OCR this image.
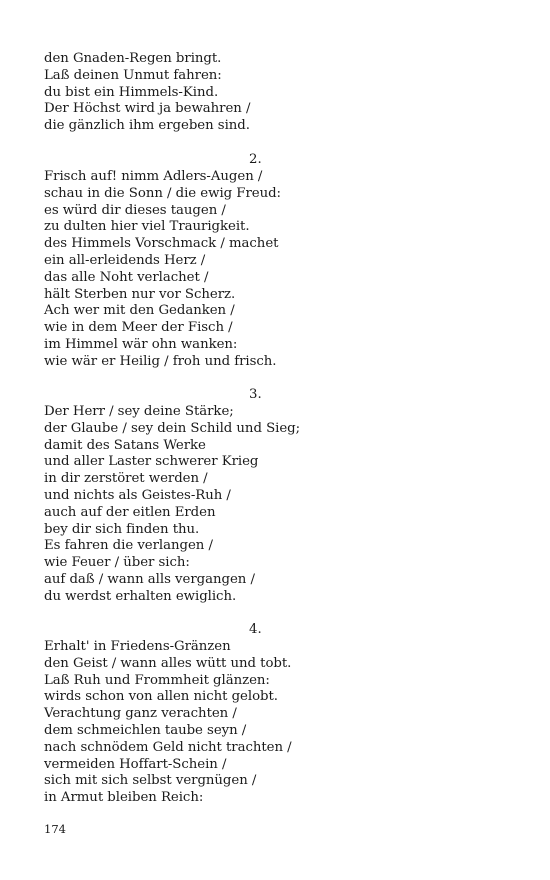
den Gnaden-Regen bringt.
Laß deinen Unmut fahren:
du bist ein Himmels-Kind.
Der Höchst wird ja bewahren /
die gänzlich ihm ergeben sind.
2.
Frisch auf! nimm Adlers-Augen /
schau in die Sonn / die ewig Freud:
es würd dir dieses taugen /
zu dulten hier viel Traurigkeit.
des Himmels Vorschmack / machet
ein all-erleidends Herz /
das alle Noht verlachet /
hält Sterben nur vor Scherz.
Ach wer mit den Gedanken /
wie in dem Meer der Fisch /
im Himmel wär ohn wanken:
wie wär er Heilig / froh und frisch.
3.
Der Herr / sey deine Stärke;
der Glaube / sey dein Schild und Sieg;
damit des Satans Werke
und aller Laster schwerer Krieg
in dir zerstöret werden /
und nichts als Geistes-Ruh /
auch auf der eitlen Erden
bey dir sich finden thu.
Es fahren die verlangen /
wie Feuer / über sich:
auf daß / wann alls vergangen /
du werdst erhalten ewiglich.
4.
Erhalt' in Friedens-Gränzen
den Geist / wann alles wütt und tobt.
Laß Ruh und Frommheit glänzen:
wirds schon von allen nicht gelobt.
Verachtung ganz verachten /
dem schmeichlen taube seyn /
nach schnödem Geld nicht trachten /
vermeiden Hoffart-Schein /
sich mit sich selbst vergnügen /
in Armut bleiben Reich:
174
